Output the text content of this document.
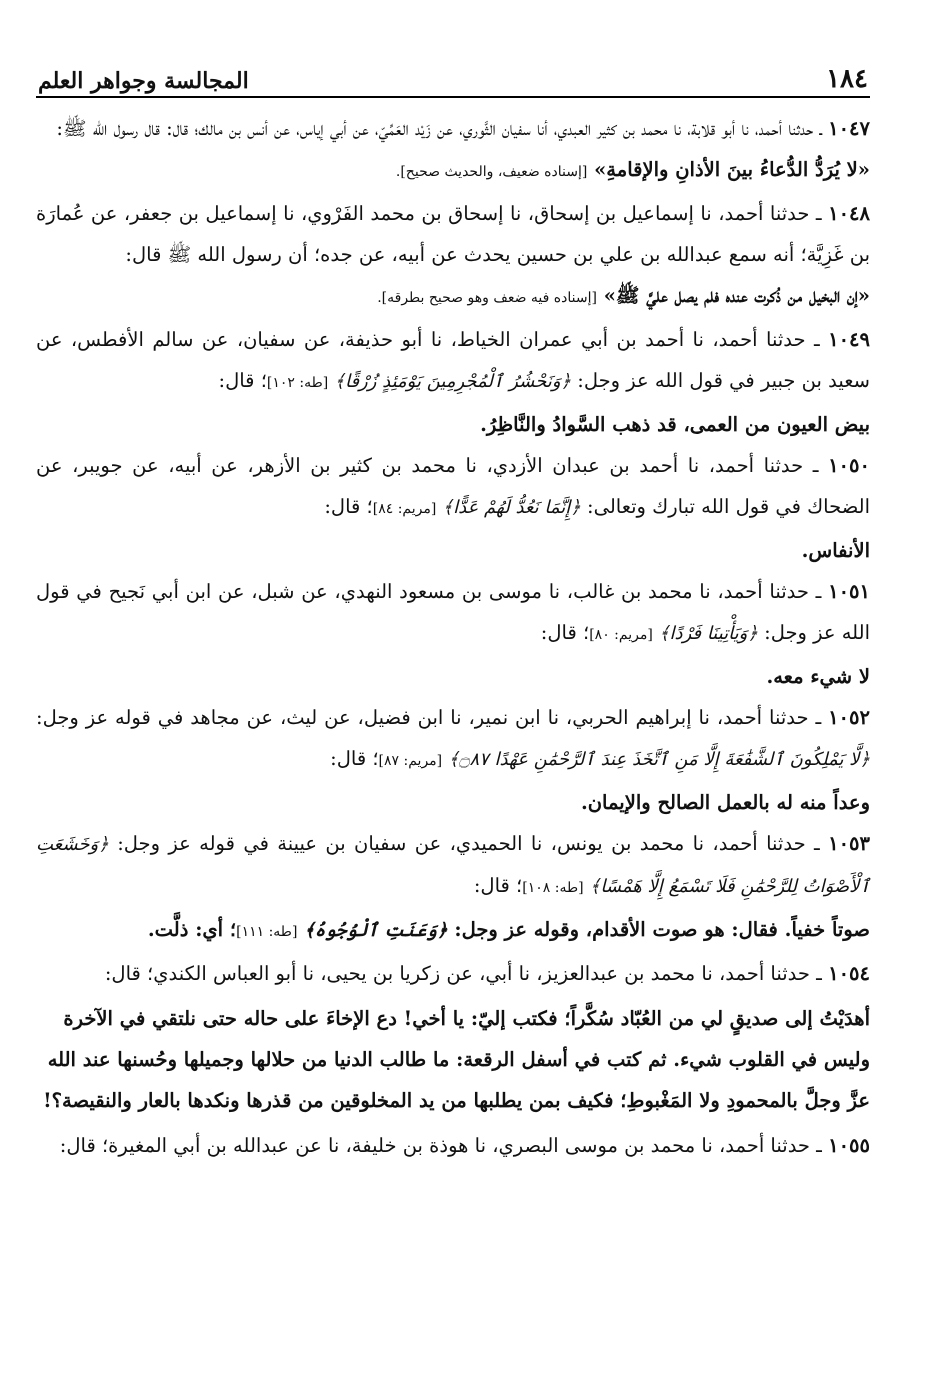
١٨٤
المجالسة وجواهر العلم

١٠٤٧ ـ حدثنا أحمد، نا أبو قلابة، نا محمد بن كثير العبدي، أنا سفيان الثَّوري، عن زَيْد العَمِّيّ، عن أبي إياس، عن أنس بن مالك؛ قال: قال رسول الله ﷺ:

«لا يُرَدُّ الدُّعاءُ بينَ الأذانِ والإقامةِ» [إسناده ضعيف، والحديث صحيح].

١٠٤٨ ـ حدثنا أحمد، نا إسماعيل بن إسحاق، نا إسحاق بن محمد الفَرْوي، نا إسماعيل بن جعفر، عن عُمارَة بن غَزِيَّة؛ أنه سمع عبدالله بن علي بن حسين يحدث عن أبيه، عن جده؛ أن رسول الله ﷺ قال:

«إن البخيل من ذُكرت عنده فلم يصل عليَّ ﷺ» [إسناده فيه ضعف وهو صحيح بطرقه].

١٠٤٩ ـ حدثنا أحمد، نا أحمد بن أبي عمران الخياط، نا أبو حذيفة، عن سفيان، عن سالم الأفطس، عن سعيد بن جبير في قول الله عز وجل: ﴿وَنَحْشُرُ ٱلْمُجْرِمِينَ يَوْمَئِذٍ زُرْقًا﴾ [طه: ١٠٢]؛ قال:

بيض العيون من العمى، قد ذهب السَّوادُ والنَّاظِرُ.

١٠٥٠ ـ حدثنا أحمد، نا أحمد بن عبدان الأزدي، نا محمد بن كثير بن الأزهر، عن أبيه، عن جويبر، عن الضحاك في قول الله تبارك وتعالى: ﴿إِنَّمَا نَعُدُّ لَهُمْ عَدًّا﴾ [مريم: ٨٤]؛ قال:

الأنفاس.

١٠٥١ ـ حدثنا أحمد، نا محمد بن غالب، نا موسى بن مسعود النهدي، عن شبل، عن ابن أبي نَجيح في قول الله عز وجل: ﴿وَيَأْتِينَا فَرْدًا﴾ [مريم: ٨٠]؛ قال:

لا شيء معه.

١٠٥٢ ـ حدثنا أحمد، نا إبراهيم الحربي، نا ابن نمير، نا ابن فضيل، عن ليث، عن مجاهد في قوله عز وجل: ﴿لَّا يَمْلِكُونَ ٱلشَّفَٰعَةَ إِلَّا مَنِ ٱتَّخَذَ عِندَ ٱلرَّحْمَٰنِ عَهْدًا ۝٨٧﴾ [مريم: ٨٧]؛ قال:

وعداً منه له بالعمل الصالح والإيمان.

١٠٥٣ ـ حدثنا أحمد، نا محمد بن يونس، نا الحميدي، عن سفيان بن عيينة في قوله عز وجل: ﴿وَخَشَعَتِ ٱلْأَصْوَاتُ لِلرَّحْمَٰنِ فَلَا تَسْمَعُ إِلَّا هَمْسًا﴾ [طه: ١٠٨]؛ قال:

صوتاً خفياً. فقال: هو صوت الأقدام، وقوله عز وجل: ﴿وَعَنَتِ ٱلْوُجُوهُ﴾ [طه: ١١١]؛ أي: ذلَّت.

١٠٥٤ ـ حدثنا أحمد، نا محمد بن عبدالعزيز، نا أبي، عن زكريا بن يحيى، نا أبو العباس الكندي؛ قال:

أهدَيْتُ إلى صديقٍ لي من العُبّاد سُكَّراً؛ فكتب إليّ: يا أخي! دع الإخاءَ على حاله حتى نلتقي في الآخرة وليس في القلوب شيء. ثم كتب في أسفل الرقعة: ما طالب الدنيا من حلالها وجميلها وحُسنها عند الله عزَّ وجلَّ بالمحمودِ ولا المَغْبوطِ؛ فكيف بمن يطلبها من يد المخلوقين من قذرها ونكدها بالعار والنقيصة؟!

١٠٥٥ ـ حدثنا أحمد، نا محمد بن موسى البصري، نا هوذة بن خليفة، نا عن عبدالله بن أبي المغيرة؛ قال:
